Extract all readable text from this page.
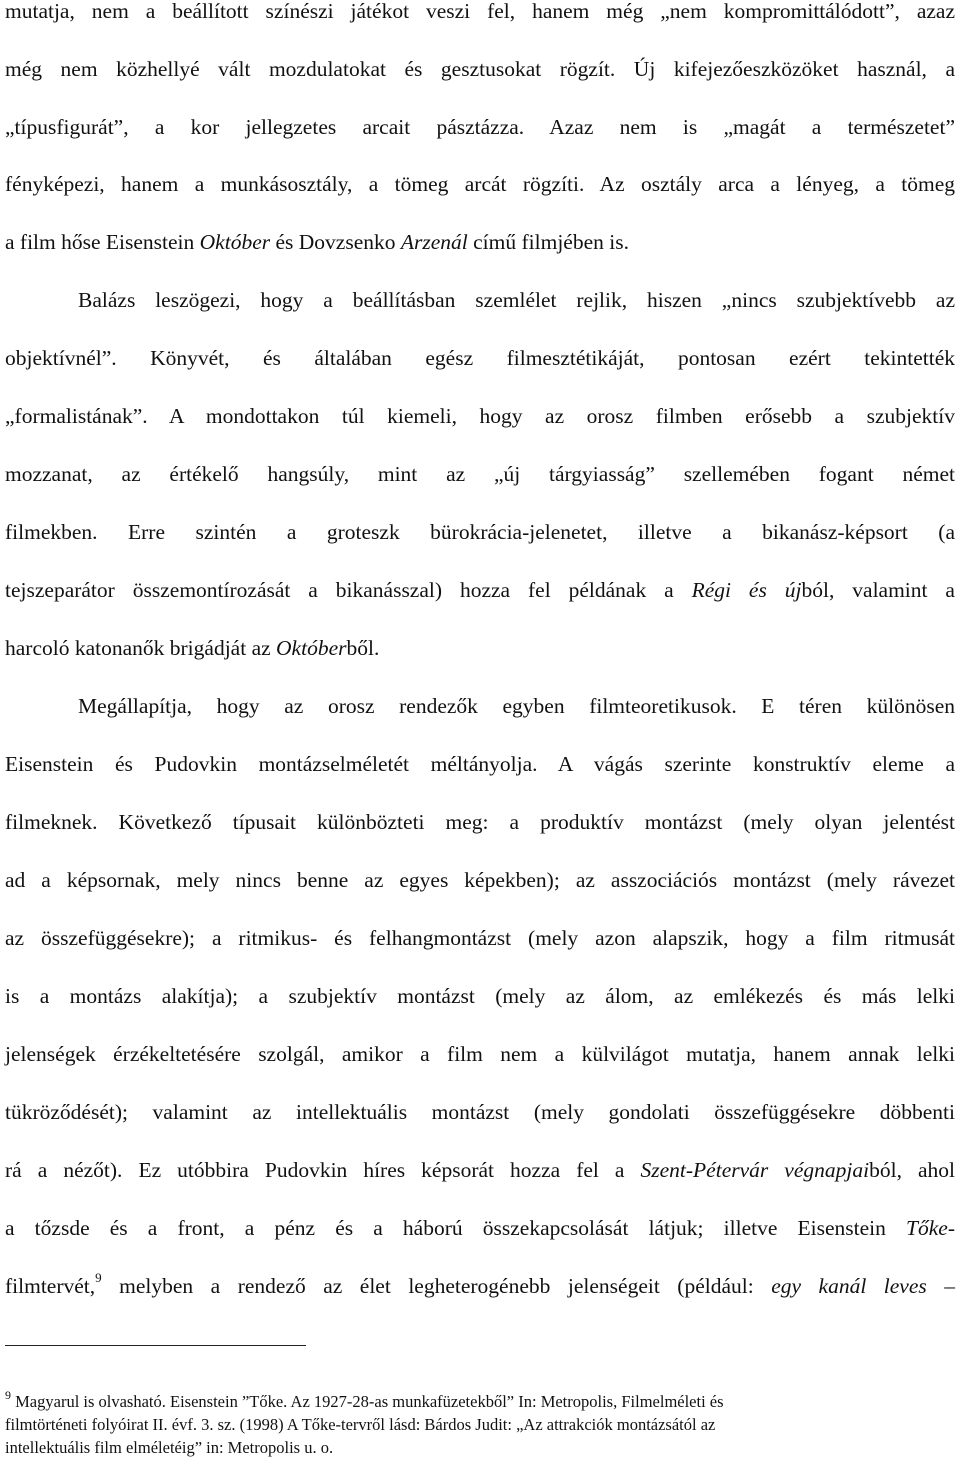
mutatja, nem a beállított színészi játékot veszi fel, hanem még „nem kompromittálódott”, azaz
még nem közhellyé vált mozdulatokat és gesztusokat rögzít. Új kifejezőeszközöket használ, a
„típusfigurát”, a kor jellegzetes arcait pásztázza. Azaz nem is „magát a természetet”
fényképezi, hanem a munkásosztály, a tömeg arcát rögzíti. Az osztály arca a lényeg, a tömeg
a film hőse Eisenstein Október és Dovzsenko Arzenál című filmjében is.
Balázs leszögezi, hogy a beállításban szemlélet rejlik, hiszen „nincs szubjektívebb az
objektívnél”. Könyvét, és általában egész filmesztétikáját, pontosan ezért tekintették
„formalistának”. A mondottakon túl kiemeli, hogy az orosz filmben erősebb a szubjektív
mozzanat, az értékelő hangsúly, mint az „új tárgyiasság” szellemében fogant német
filmekben. Erre szintén a groteszk bürokrácia-jelenetet, illetve a bikanász-képsort (a
tejszeparátor összemontírozását a bikanásszal) hozza fel példának a Régi és újból, valamint a
harcoló katonanők brigádját az Októberből.
Megállapítja, hogy az orosz rendezők egyben filmteoretikusok. E téren különösen
Eisenstein és Pudovkin montázselméletét méltányolja. A vágás szerinte konstruktív eleme a
filmeknek. Következő típusait különbözteti meg: a produktív montázst (mely olyan jelentést
ad a képsornak, mely nincs benne az egyes képekben); az asszociációs montázst (mely rávezet
az összefüggésekre); a ritmikus- és felhangmontázst (mely azon alapszik, hogy a film ritmusát
is a montázs alakítja); a szubjektív montázst (mely az álom, az emlékezés és más lelki
jelenségek érzékeltetésére szolgál, amikor a film nem a külvilágot mutatja, hanem annak lelki
tükröződését); valamint az intellektuális montázst (mely gondolati összefüggésekre döbbenti
rá a nézőt). Ez utóbbira Pudovkin híres képsorát hozza fel a Szent-Pétervár végnapjaiból, ahol
a tőzsde és a front, a pénz és a háború összekapcsolását látjuk; illetve Eisenstein Tőke-
filmtervét,$^9$ melyben a rendező az élet legheterogénebb jelenségeit (például: egy kanál leves –
$^9$ Magyarul is olvasható. Eisenstein ”Tőke. Az 1927-28-as munkafüzetekből” In: Metropolis, Filmelméleti és
filmtörténeti folyóirat II. évf. 3. sz. (1998) A Tőke-tervről lásd: Bárdos Judit: „Az attrakciók montázsától az
intellektuális film elméletéig” in: Metropolis u. o.
